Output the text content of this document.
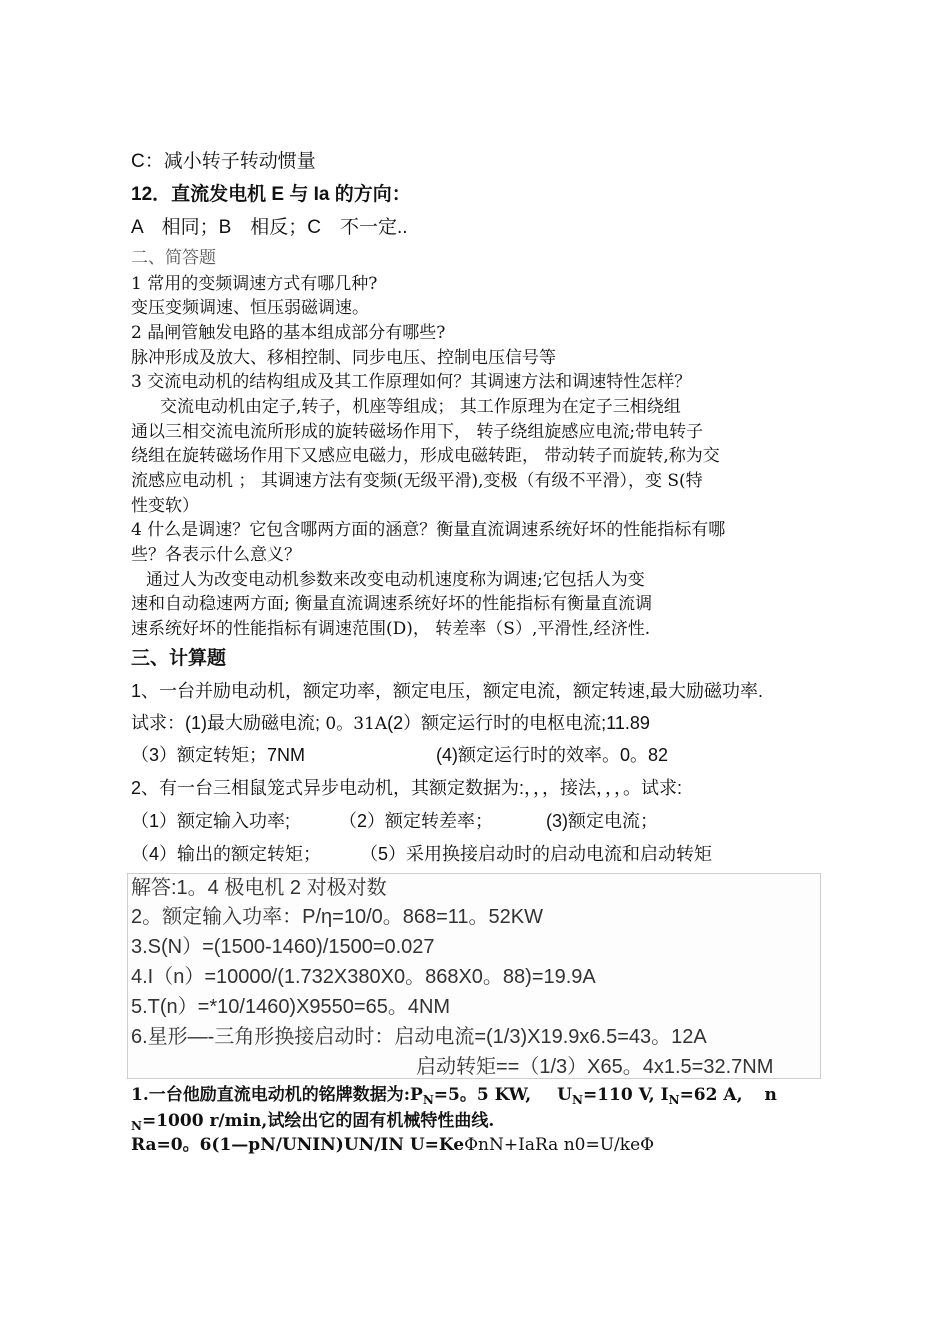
C：减小转子转动惯量
12．直流发电机 E 与 Ia 的方向：
A　相同；B　相反；C　不一定..
二、简答题
1 常用的变频调速方式有哪几种?
变压变频调速、恒压弱磁调速。
2 晶闸管触发电路的基本组成部分有哪些?
脉冲形成及放大、移相控制、同步电压、控制电压信号等
3 交流电动机的结构组成及其工作原理如何？其调速方法和调速特性怎样？
交流电动机由定子,转子，机座等组成； 其工作原理为在定子三相绕组
通以三相交流电流所形成的旋转磁场作用下， 转子绕组旋感应电流;带电转子
绕组在旋转磁场作用下又感应电磁力，形成电磁转距， 带动转子而旋转,称为交
流感应电动机 ； 其调速方法有变频(无级平滑),变极（有级不平滑），变 S(特
性变软）
4 什么是调速？它包含哪两方面的涵意？衡量直流调速系统好坏的性能指标有哪
些？各表示什么意义？
通过人为改变电动机参数来改变电动机速度称为调速;它包括人为变
速和自动稳速两方面; 衡量直流调速系统好坏的性能指标有衡量直流调
速系统好坏的性能指标有调速范围(D)， 转差率（S）,平滑性,经济性.
三、计算题
1、一台并励电动机，额定功率，额定电压，额定电流，额定转速,最大励磁功率.
试求：(1)最大励磁电流; 0。31A(2）额定运行时的电枢电流;11.89
（3）额定转矩；7NM	(4)额定运行时的效率。0。82
2、有一台三相鼠笼式异步电动机，其额定数据为:，，，接法，，，。试求:
（1）额定输入功率;	（2）额定转差率；	(3)额定电流；
（4）输出的额定转矩； （5）采用换接启动时的启动电流和启动转矩
解答:1。4 极电机 2 对极对数
2。额定输入功率：P/η=10/0。868=11。52KW
3.S(N）=(1500-1460)/1500=0.027
4.I（n）=10000/(1.732X380X0。868X0。88)=19.9A
5.T(n）=*10/1460)X9550=65。4NM
6.星形—-三角形换接启动时：启动电流=(1/3)X19.9x6.5=43。12A
启动转矩==（1/3）X65。4x1.5=32.7NM
1.一台他励直流电动机的铭牌数据为$:P_N=5$。5 KW, $U_N=110$ V, $I_N=62$ A, n
$_N$=1000 r/min,试绘出它的固有机械特性曲线.
Ra=0。6(1—pN/UNIN)UN/IN U=KeΦnN+IaRa n0=U/keΦ
